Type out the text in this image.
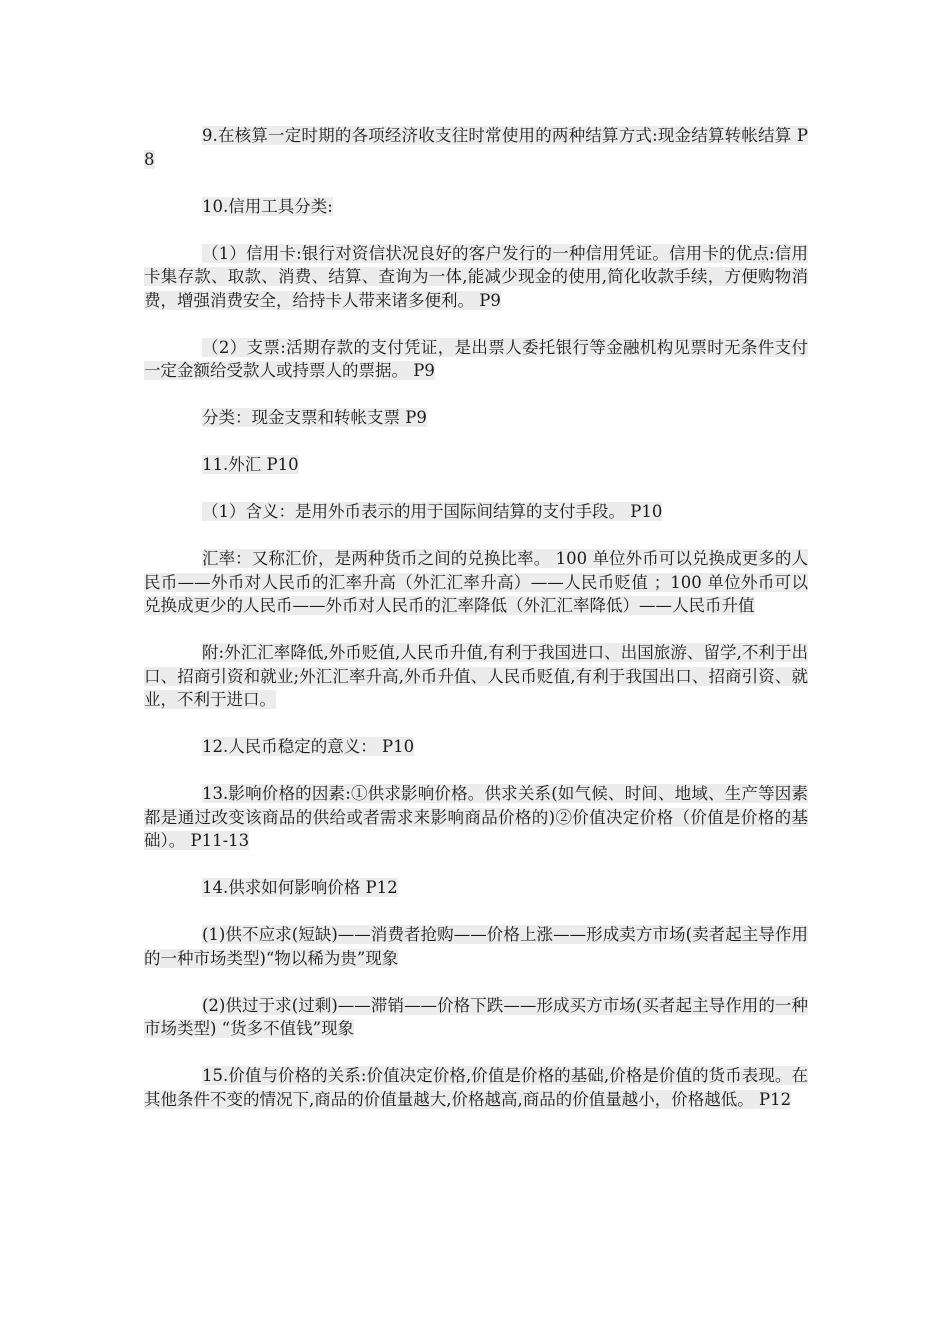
9.在核算一定时期的各项经济收支往时常使用的两种结算方式:现金结算转帐结算 P8

10.信用工具分类:

（1）信用卡:银行对资信状况良好的客户发行的一种信用凭证。信用卡的优点:信用卡集存款、取款、消费、结算、查询为一体,能减少现金的使用,简化收款手续，方便购物消费，增强消费安全，给持卡人带来诸多便利。 P9

（2）支票:活期存款的支付凭证，是出票人委托银行等金融机构见票时无条件支付一定金额给受款人或持票人的票据。 P9

分类：现金支票和转帐支票 P9

11.外汇 P10

（1）含义：是用外币表示的用于国际间结算的支付手段。 P10

汇率：又称汇价，是两种货币之间的兑换比率。 100 单位外币可以兑换成更多的人民币——外币对人民币的汇率升高（外汇汇率升高）——人民币贬值 ；100 单位外币可以兑换成更少的人民币——外币对人民币的汇率降低（外汇汇率降低）——人民币升值

附:外汇汇率降低,外币贬值,人民币升值,有利于我国进口、出国旅游、留学,不利于出口、招商引资和就业;外汇汇率升高,外币升值、人民币贬值,有利于我国出口、招商引资、就业，不利于进口。

12.人民币稳定的意义： P10

13.影响价格的因素:①供求影响价格。供求关系(如气候、时间、地域、生产等因素都是通过改变该商品的供给或者需求来影响商品价格的)②价值决定价格（价值是价格的基础）。 P11-13

14.供求如何影响价格 P12

(1)供不应求(短缺)——消费者抢购——价格上涨——形成卖方市场(卖者起主导作用的一种市场类型)“物以稀为贵”现象

(2)供过于求(过剩)——滞销——价格下跌——形成买方市场(买者起主导作用的一种市场类型) “货多不值钱”现象

15.价值与价格的关系:价值决定价格,价值是价格的基础,价格是价值的货币表现。在其他条件不变的情况下,商品的价值量越大,价格越高,商品的价值量越小，价格越低。 P12
